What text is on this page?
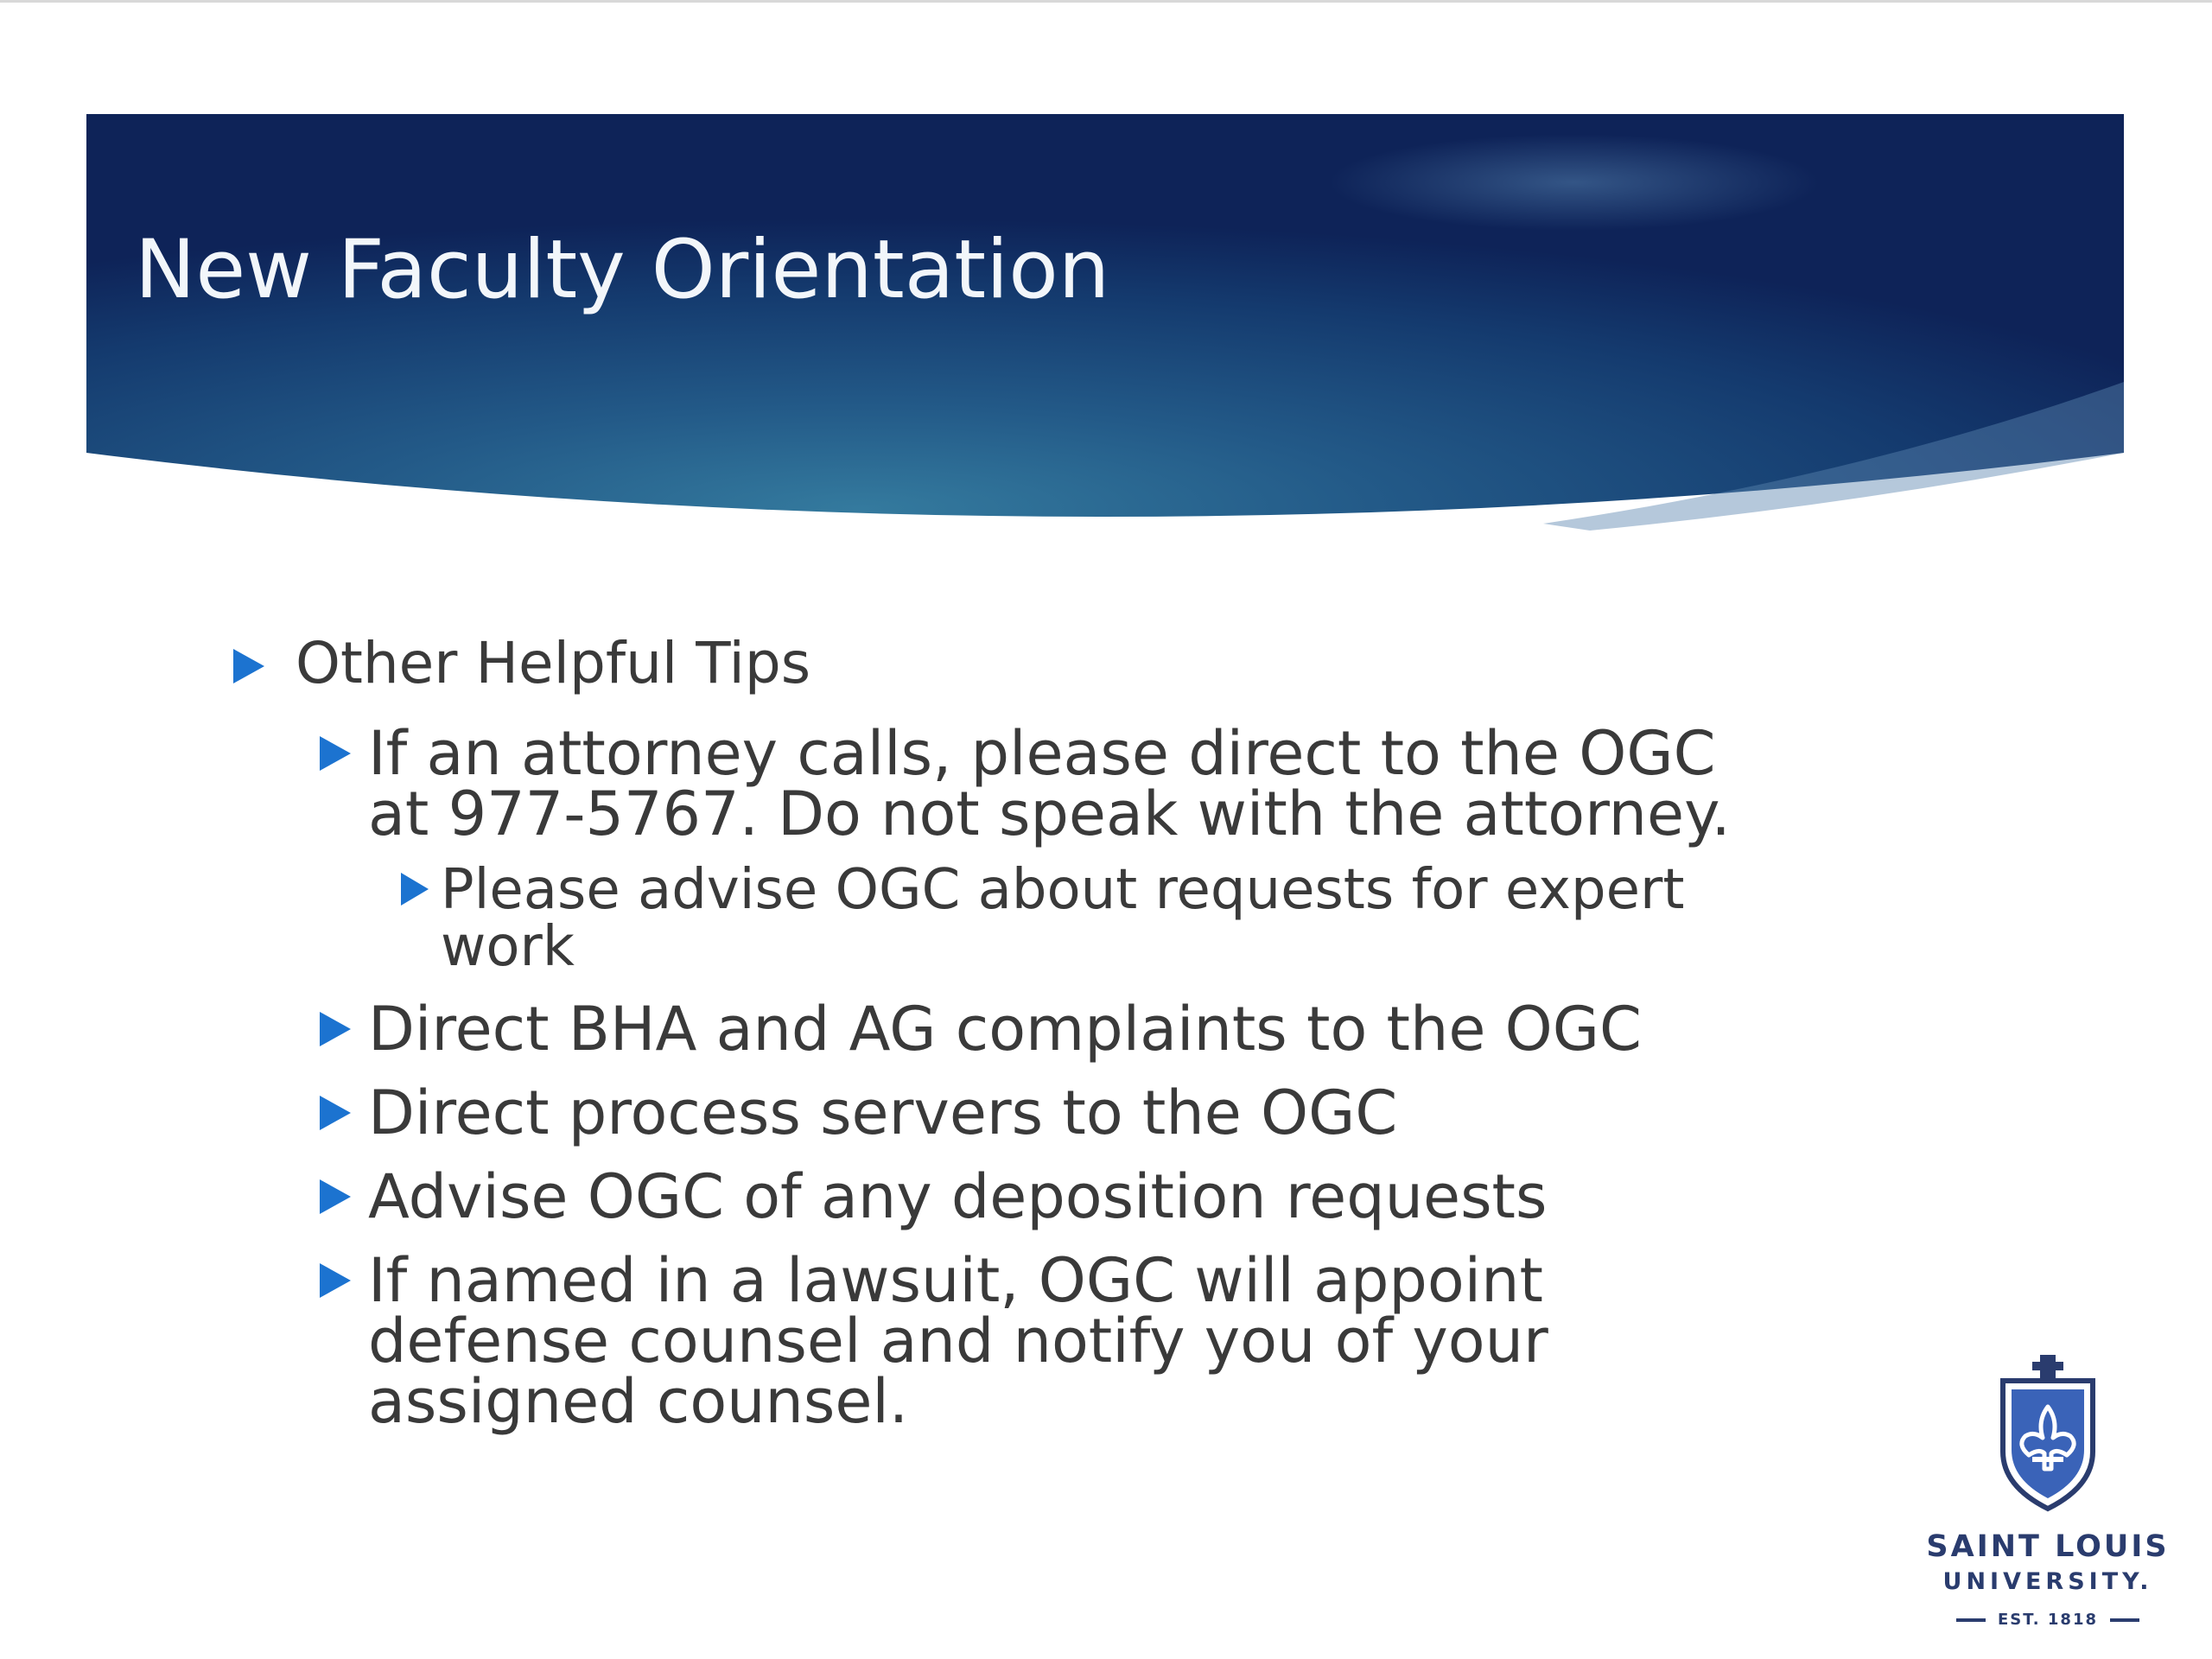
New Faculty Orientation
Other Helpful Tips
If an attorney calls, please direct to the OGC
at 977-5767. Do not speak with the attorney.
Please advise OGC about requests for expert
work
Direct BHA and AG complaints to the OGC
Direct process servers to the OGC
Advise OGC of any deposition requests
If named in a lawsuit, OGC will appoint
defense counsel and notify you of your
assigned counsel.
SAINT LOUIS
UNIVERSITY.
EST. 1818
